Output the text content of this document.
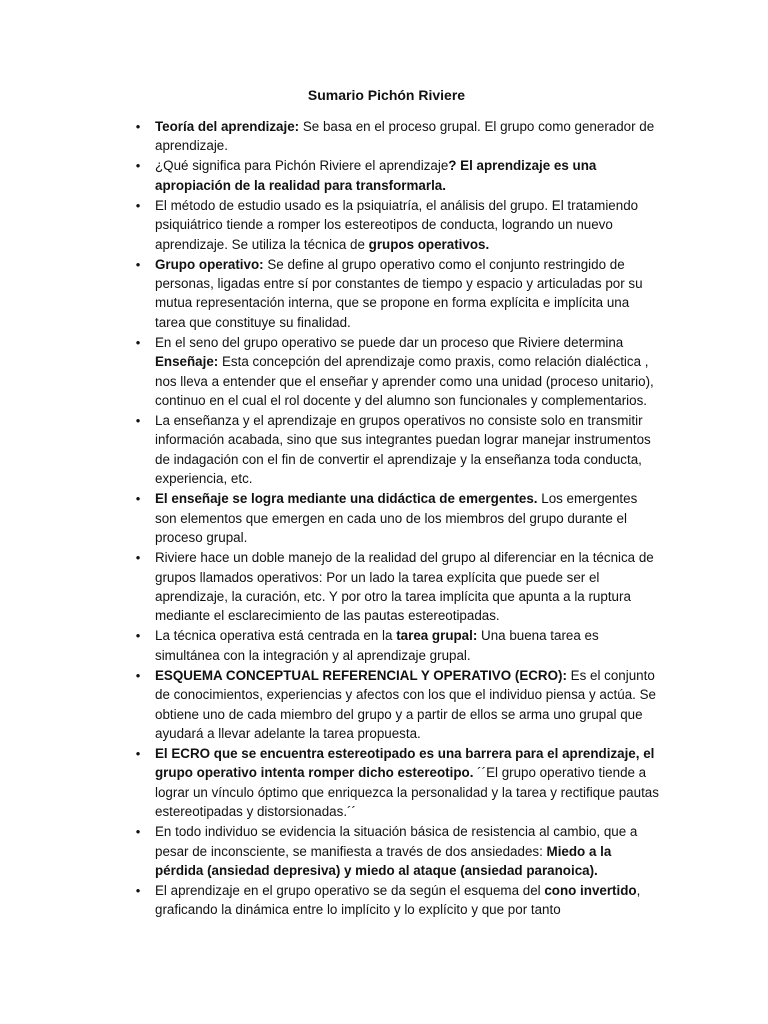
Sumario Pichón Riviere
• Teoría del aprendizaje: Se basa en el proceso grupal. El grupo como generador de aprendizaje.
• ¿Qué significa para Pichón Riviere el aprendizaje? El aprendizaje es una apropiación de la realidad para transformarla.
• El método de estudio usado es la psiquiatría, el análisis del grupo. El tratamiendo psiquiátrico tiende a romper los estereotipos de conducta, logrando un nuevo aprendizaje. Se utiliza la técnica de grupos operativos.
• Grupo operativo: Se define al grupo operativo como el conjunto restringido de personas, ligadas entre sí por constantes de tiempo y espacio y articuladas por su mutua representación interna, que se propone en forma explícita e implícita una tarea que constituye su finalidad.
• En el seno del grupo operativo se puede dar un proceso que Riviere determina Enseñaje: Esta concepción del aprendizaje como praxis, como relación dialéctica , nos lleva a entender que el enseñar y aprender como una unidad (proceso unitario), continuo en el cual el rol docente y del alumno son funcionales y complementarios.
• La enseñanza y el aprendizaje en grupos operativos no consiste solo en transmitir información acabada, sino que sus integrantes puedan lograr manejar instrumentos de indagación con el fin de convertir el aprendizaje y la enseñanza toda conducta, experiencia, etc.
• El enseñaje se logra mediante una didáctica de emergentes. Los emergentes son elementos que emergen en cada uno de los miembros del grupo durante el proceso grupal.
• Riviere hace un doble manejo de la realidad del grupo al diferenciar en la técnica de grupos llamados operativos: Por un lado la tarea explícita que puede ser el aprendizaje, la curación, etc. Y por otro la tarea implícita que apunta a la ruptura mediante el esclarecimiento de las pautas estereotipadas.
• La técnica operativa está centrada en la tarea grupal: Una buena tarea es simultánea con la integración y al aprendizaje grupal.
• ESQUEMA CONCEPTUAL REFERENCIAL Y OPERATIVO (ECRO): Es el conjunto de conocimientos, experiencias y afectos con los que el individuo piensa y actúa. Se obtiene uno de cada miembro del grupo y a partir de ellos se arma uno grupal que ayudará a llevar adelante la tarea propuesta.
• El ECRO que se encuentra estereotipado es una barrera para el aprendizaje, el grupo operativo intenta romper dicho estereotipo. ´´El grupo operativo tiende a lograr un vínculo óptimo que enriquezca la personalidad y la tarea y rectifique pautas estereotipadas y distorsionadas.´´
• En todo individuo se evidencia la situación básica de resistencia al cambio, que a pesar de inconsciente, se manifiesta a través de dos ansiedades: Miedo a la pérdida (ansiedad depresiva) y miedo al ataque (ansiedad paranoica).
• El aprendizaje en el grupo operativo se da según el esquema del cono invertido, graficando la dinámica entre lo implícito y lo explícito y que por tanto
